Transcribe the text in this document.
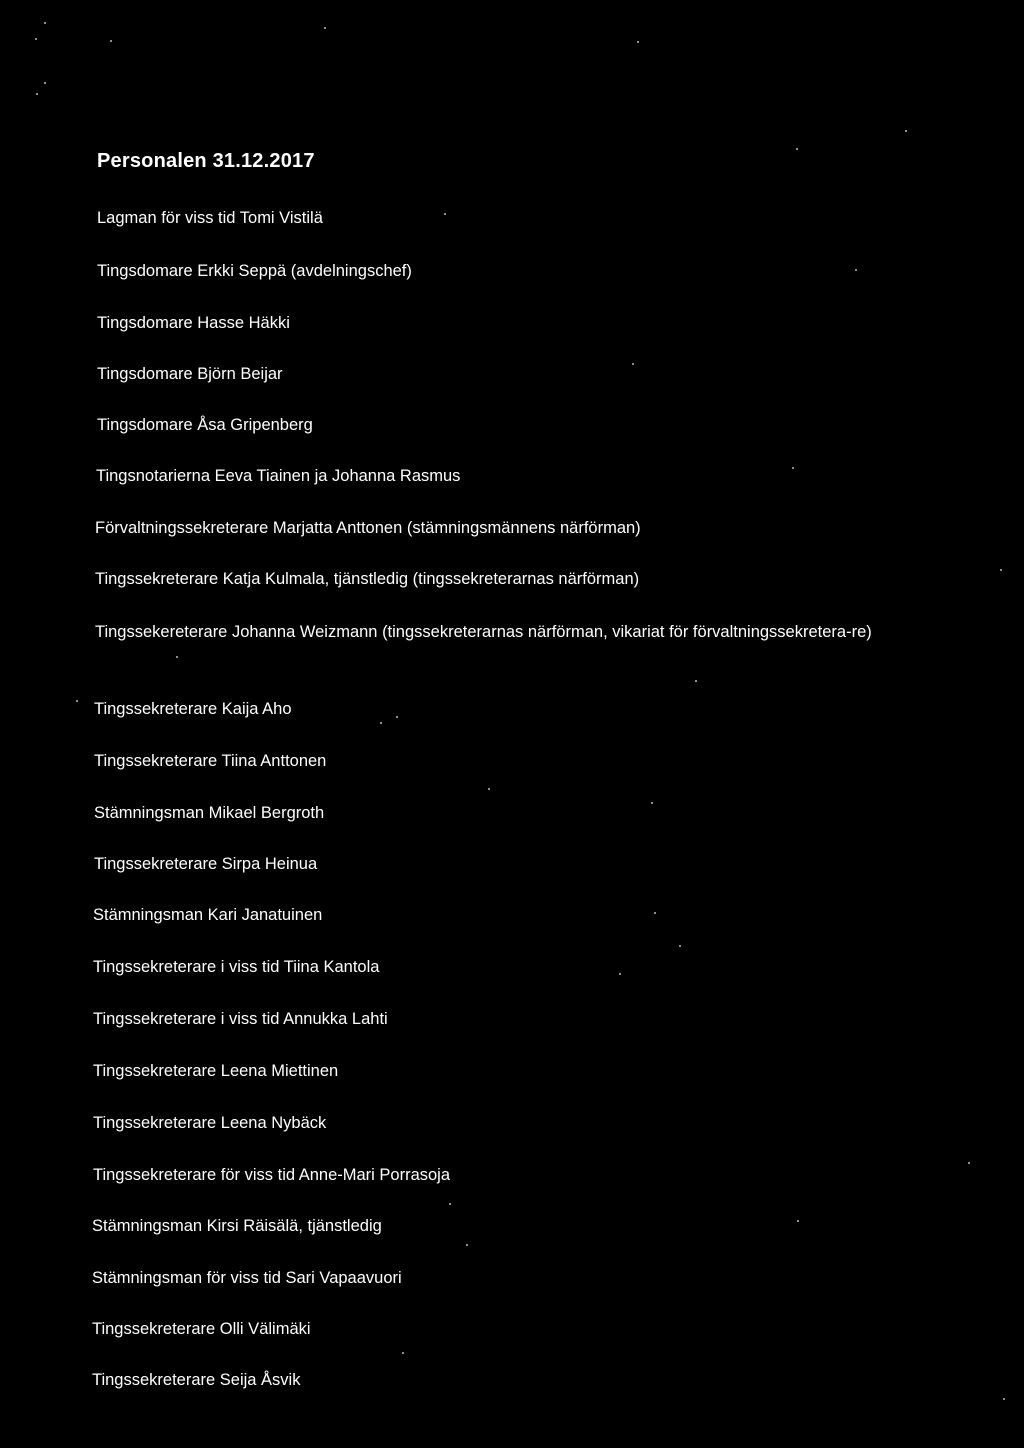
Personalen 31.12.2017
Lagman för viss tid Tomi Vistilä
Tingsdomare Erkki Seppä (avdelningschef)
Tingsdomare Hasse Häkki
Tingsdomare Björn Beijar
Tingsdomare Åsa Gripenberg
Tingsnotarierna Eeva Tiainen ja Johanna Rasmus
Förvaltningssekreterare Marjatta Anttonen (stämningsmännens närförman)
Tingssekreterare Katja Kulmala, tjänstledig (tingssekreterarnas närförman)
Tingssekereterare Johanna Weizmann (tingssekreterarnas närförman, vikariat för förvaltningssekretera-re)
Tingssekreterare Kaija Aho
Tingssekreterare Tiina Anttonen
Stämningsman Mikael Bergroth
Tingssekreterare Sirpa Heinua
Stämningsman Kari Janatuinen
Tingssekreterare i viss tid Tiina Kantola
Tingssekreterare i viss tid Annukka Lahti
Tingssekreterare Leena Miettinen
Tingssekreterare Leena Nybäck
Tingssekreterare för viss tid Anne-Mari Porrasoja
Stämningsman Kirsi Räisälä, tjänstledig
Stämningsman för viss tid Sari Vapaavuori
Tingssekreterare Olli Välimäki
Tingssekreterare Seija Åsvik
